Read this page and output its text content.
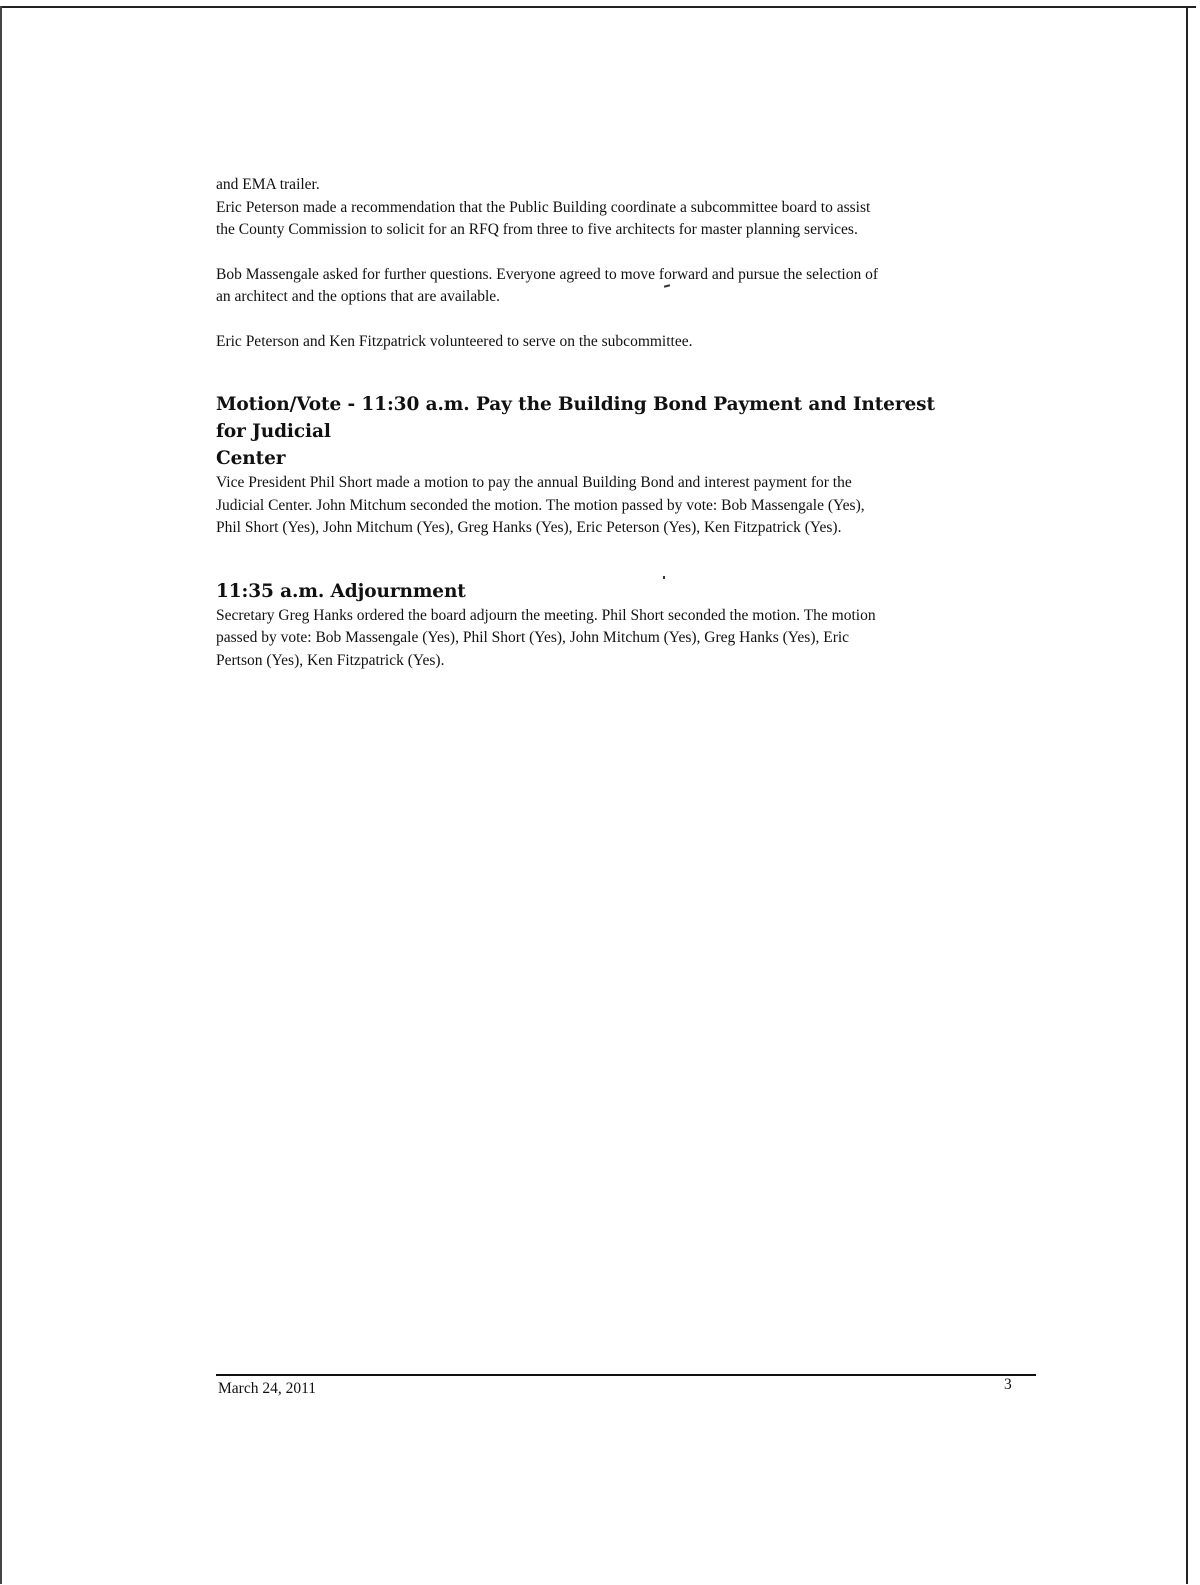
and EMA trailer.
Eric Peterson made a recommendation that the Public Building coordinate a subcommittee board to assist
the County Commission to solicit for an RFQ from three to five architects for master planning services.

Bob Massengale asked for further questions. Everyone agreed to move forward and pursue the selection of
an architect and the options that are available.

Eric Peterson and Ken Fitzpatrick volunteered to serve on the subcommittee.

Motion/Vote - 11:30 a.m. Pay the Building Bond Payment and Interest for Judicial
Center

Vice President Phil Short made a motion to pay the annual Building Bond and interest payment for the
Judicial Center. John Mitchum seconded the motion. The motion passed by vote: Bob Massengale (Yes),
Phil Short (Yes), John Mitchum (Yes), Greg Hanks (Yes), Eric Peterson (Yes), Ken Fitzpatrick (Yes).

11:35 a.m. Adjournment

Secretary Greg Hanks ordered the board adjourn the meeting. Phil Short seconded the motion. The motion
passed by vote: Bob Massengale (Yes), Phil Short (Yes), John Mitchum (Yes), Greg Hanks (Yes), Eric
Pertson (Yes), Ken Fitzpatrick (Yes).

March 24, 2011	3
